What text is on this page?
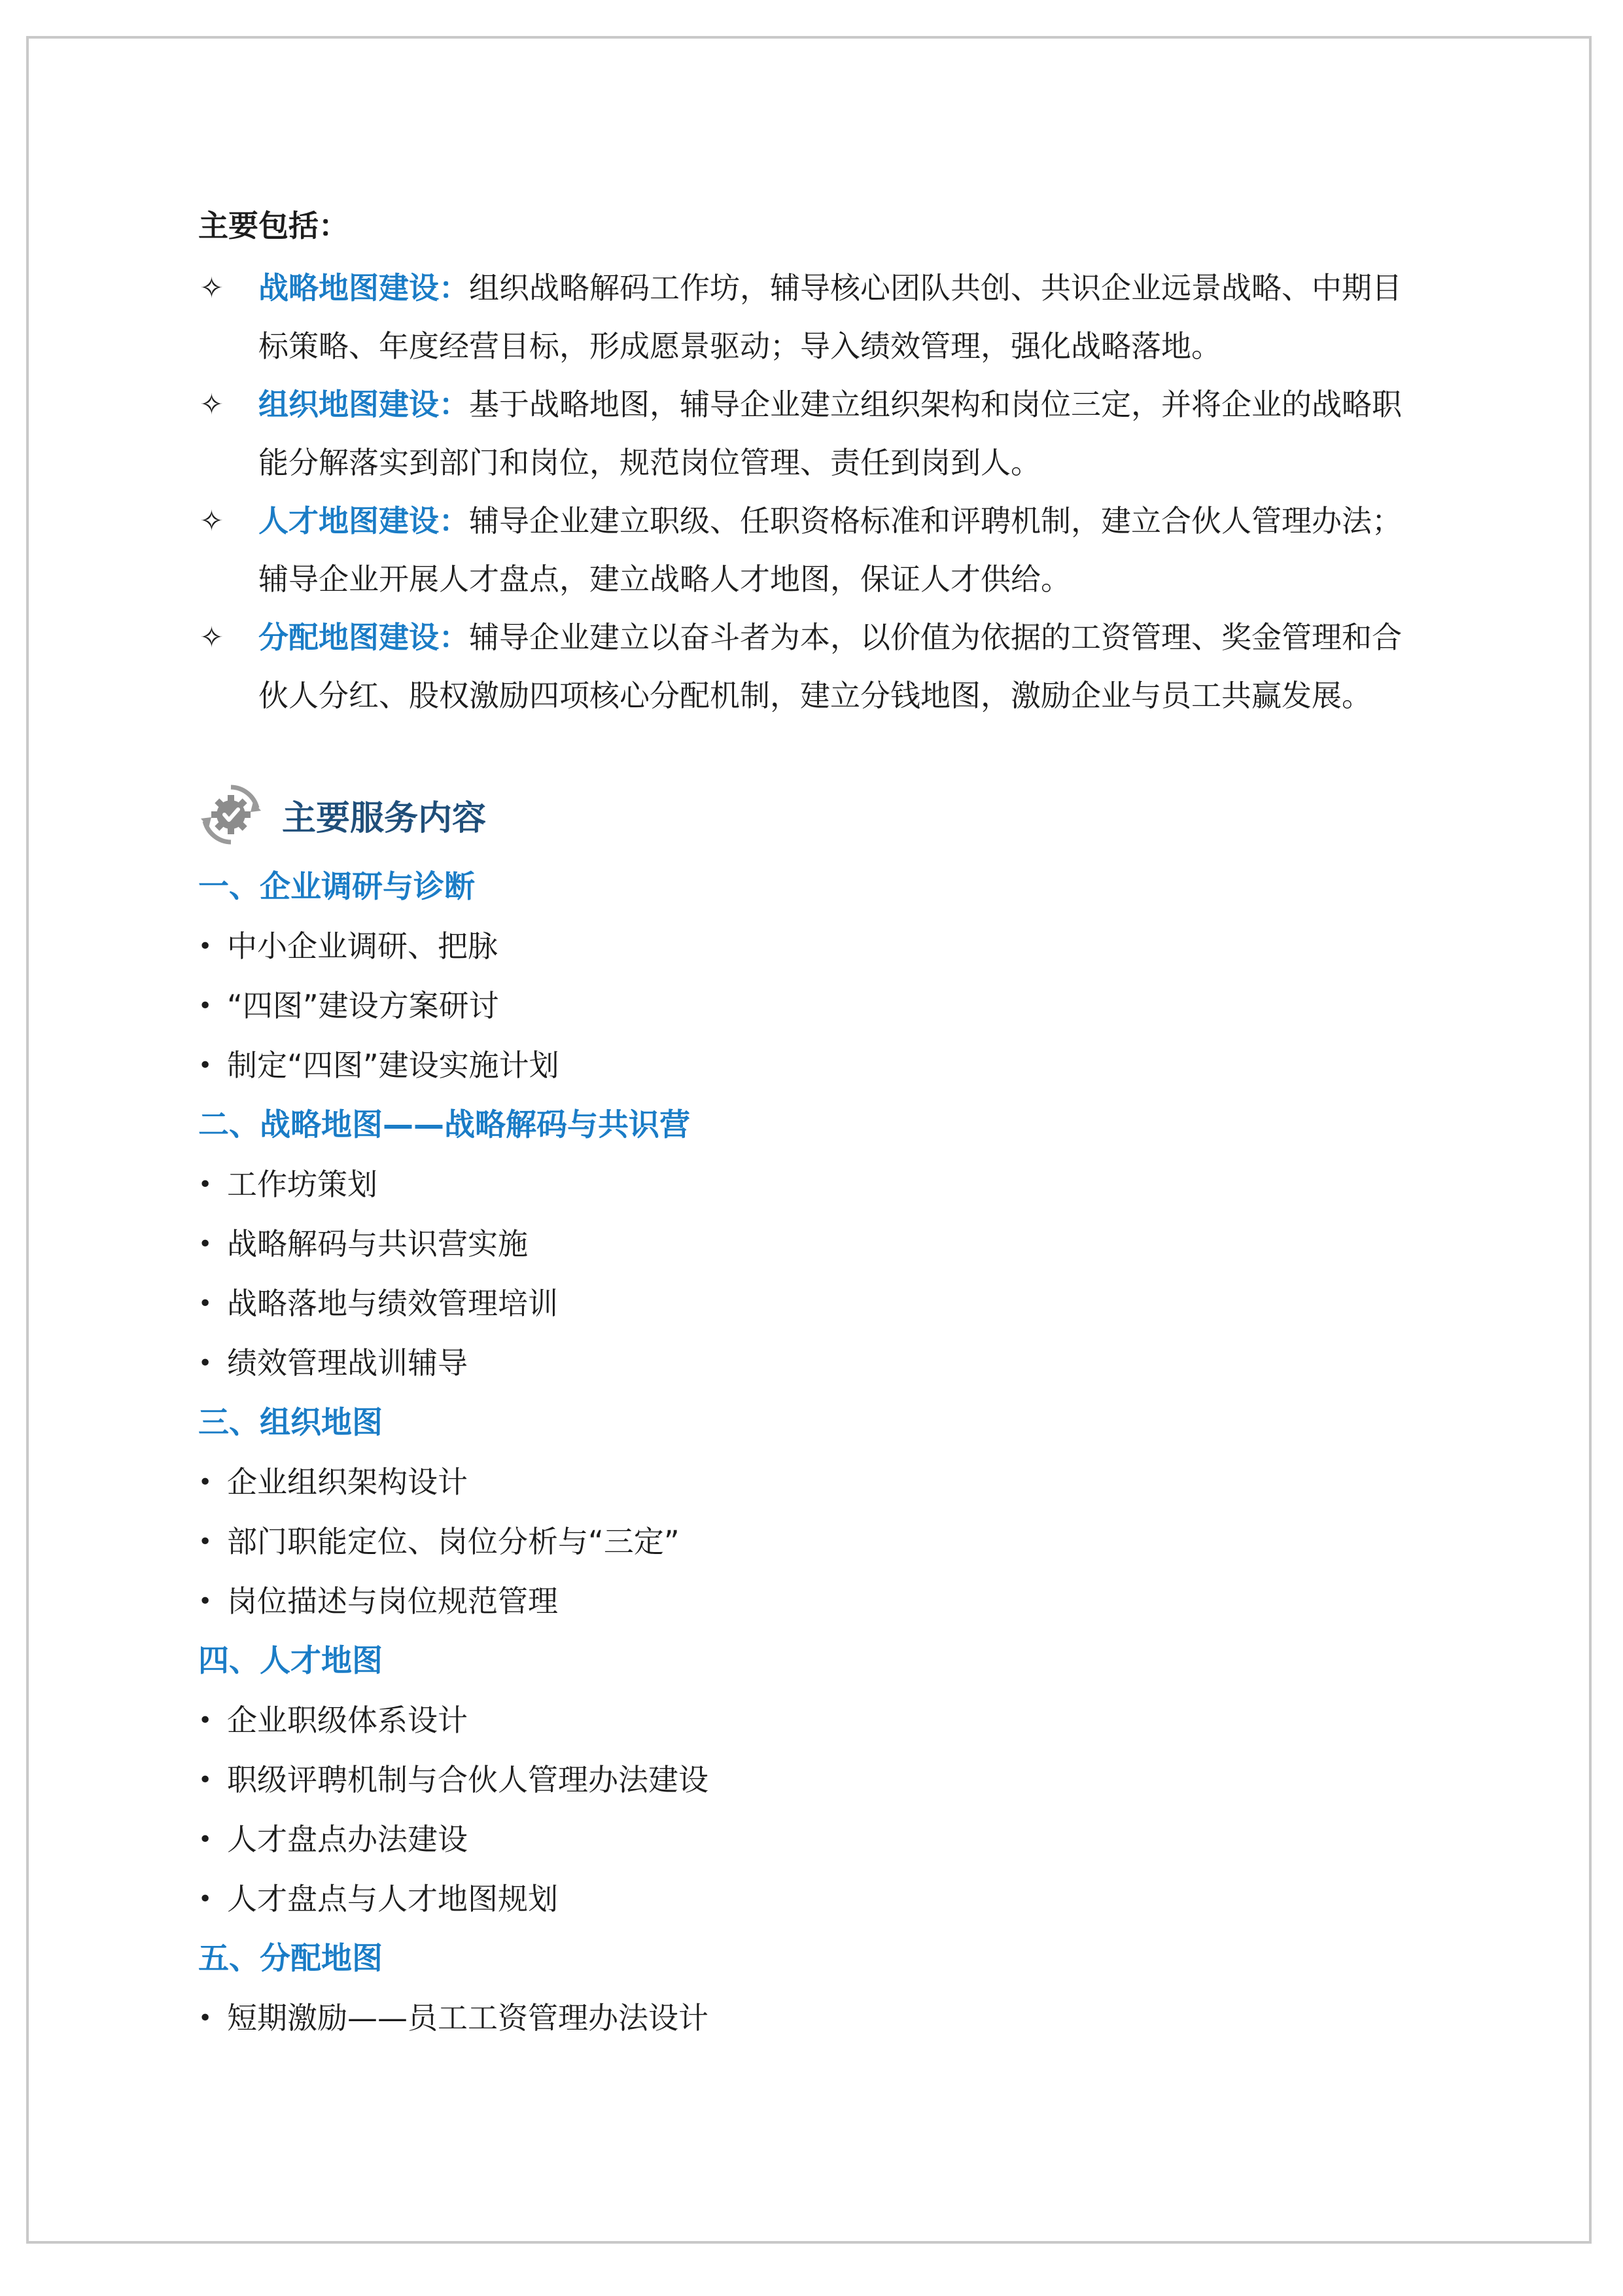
主要包括：
✧	战略地图建设：组织战略解码工作坊，辅导核心团队共创、共识企业远景战略、中期目标策略、年度经营目标，形成愿景驱动；导入绩效管理，强化战略落地。
✧	组织地图建设：基于战略地图，辅导企业建立组织架构和岗位三定，并将企业的战略职能分解落实到部门和岗位，规范岗位管理、责任到岗到人。
✧	人才地图建设：辅导企业建立职级、任职资格标准和评聘机制，建立合伙人管理办法；辅导企业开展人才盘点，建立战略人才地图，保证人才供给。
✧	分配地图建设：辅导企业建立以奋斗者为本，以价值为依据的工资管理、奖金管理和合伙人分红、股权激励四项核心分配机制，建立分钱地图，激励企业与员工共赢发展。
主要服务内容
一、企业调研与诊断
• 中小企业调研、把脉
• “四图”建设方案研讨
• 制定“四图”建设实施计划
二、战略地图——战略解码与共识营
• 工作坊策划
• 战略解码与共识营实施
• 战略落地与绩效管理培训
• 绩效管理战训辅导
三、组织地图
• 企业组织架构设计
• 部门职能定位、岗位分析与“三定”
• 岗位描述与岗位规范管理
四、人才地图
• 企业职级体系设计
• 职级评聘机制与合伙人管理办法建设
• 人才盘点办法建设
• 人才盘点与人才地图规划
五、分配地图
• 短期激励——员工工资管理办法设计
